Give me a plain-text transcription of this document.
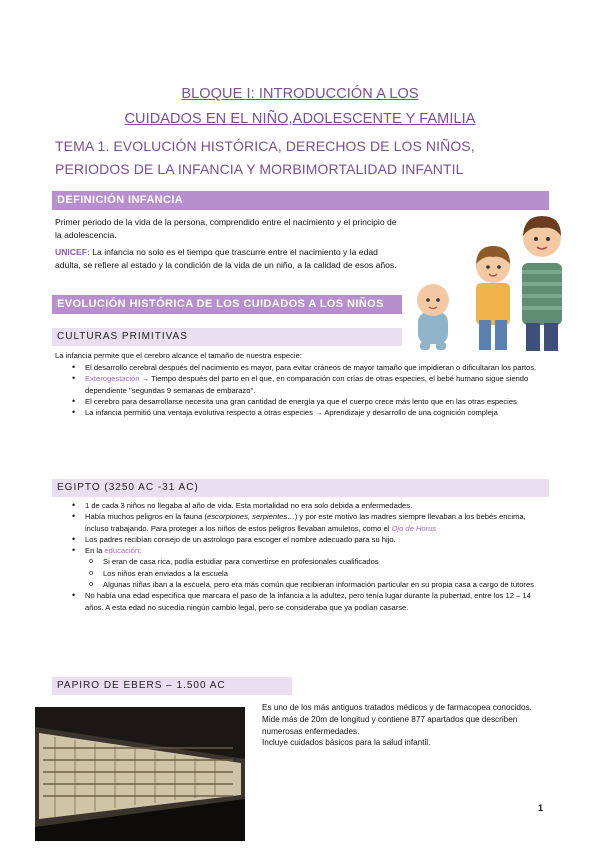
BLOQUE I: INTRODUCCIÓN A LOS
CUIDADOS EN EL NIÑO,ADOLESCENTE Y FAMILIA
TEMA 1. EVOLUCIÓN HISTÓRICA, DERECHOS DE LOS NIÑOS,
PERIODOS DE LA INFANCIA Y MORBIMORTALIDAD INFANTIL
DEFINICIÓN INFANCIA
Primer periodo de la vida de la persona, comprendido entre el nacimiento y el principio de la adolescencia.
UNICEF: La infancia no solo es el tiempo que trascurre entre el nacimiento y la edad adulta, se refiere al estado y la condición de la vida de un niño, a la calidad de esos años.
EVOLUCIÓN HISTÓRICA DE LOS CUIDADOS A LOS NIÑOS
CULTURAS PRIMITIVAS
La infancia permite que el cerebro alcance el tamaño de nuestra especie:
• El desarrollo cerebral después del nacimiento es mayor, para evitar cráneos de mayor tamaño que impidieran o dificultaran los partos.
• Exterogestación → Tiempo después del parto en el que, en comparación con crías de otras especies, el bebé humano sigue siendo dependiente ''segundas 9 semanas de embarazo''.
• El cerebro para desarrollarse necesita una gran cantidad de energía ya que el cuerpo crece más lento que en las otras especies
• La infancia permitió una ventaja evolutiva respecto a otras especies → Aprendizaje y desarrollo de una cognición compleja
EGIPTO (3250 AC -31 AC)
• 1 de cada 3 niños no llegaba al año de vida. Esta mortalidad no era solo debida a enfermedades.
• Había muchos peligros en la fauna (escorpiones, serpientes…) y por este motivo las madres siempre llevaban a los bebés encima, incluso trabajando. Para proteger a los niños de estos peligros llevaban amuletos, como el Ojo de Horus
• Los padres recibían consejo de un astrologo para escoger el nombre adecuado para su hijo.
• En la educación:
o Si eran de casa rica, podía estudiar para convertirse en profesionales cualificados
o Los niños eran enviados a la escuela
o Algunas niñas iban a la escuela, pero era más común que recibieran información particular en su propia casa a cargo de tutores
• No había una edad especifica que marcara el paso de la infancia a la adultez, pero tenía lugar durante la pubertad, entre los 12 – 14 años. A esta edad no sucedía ningún cambio legal, pero se consideraba que ya podían casarse.
PAPIRO DE EBERS – 1.500 AC
Es uno de los más antiguos tratados médicos y de farmacopea conocidos.
Mide más de 20m de longitud y contiene 877 apartados que describen numerosas enfermedades.
Incluye cuidados básicos para la salud infantil.
1
